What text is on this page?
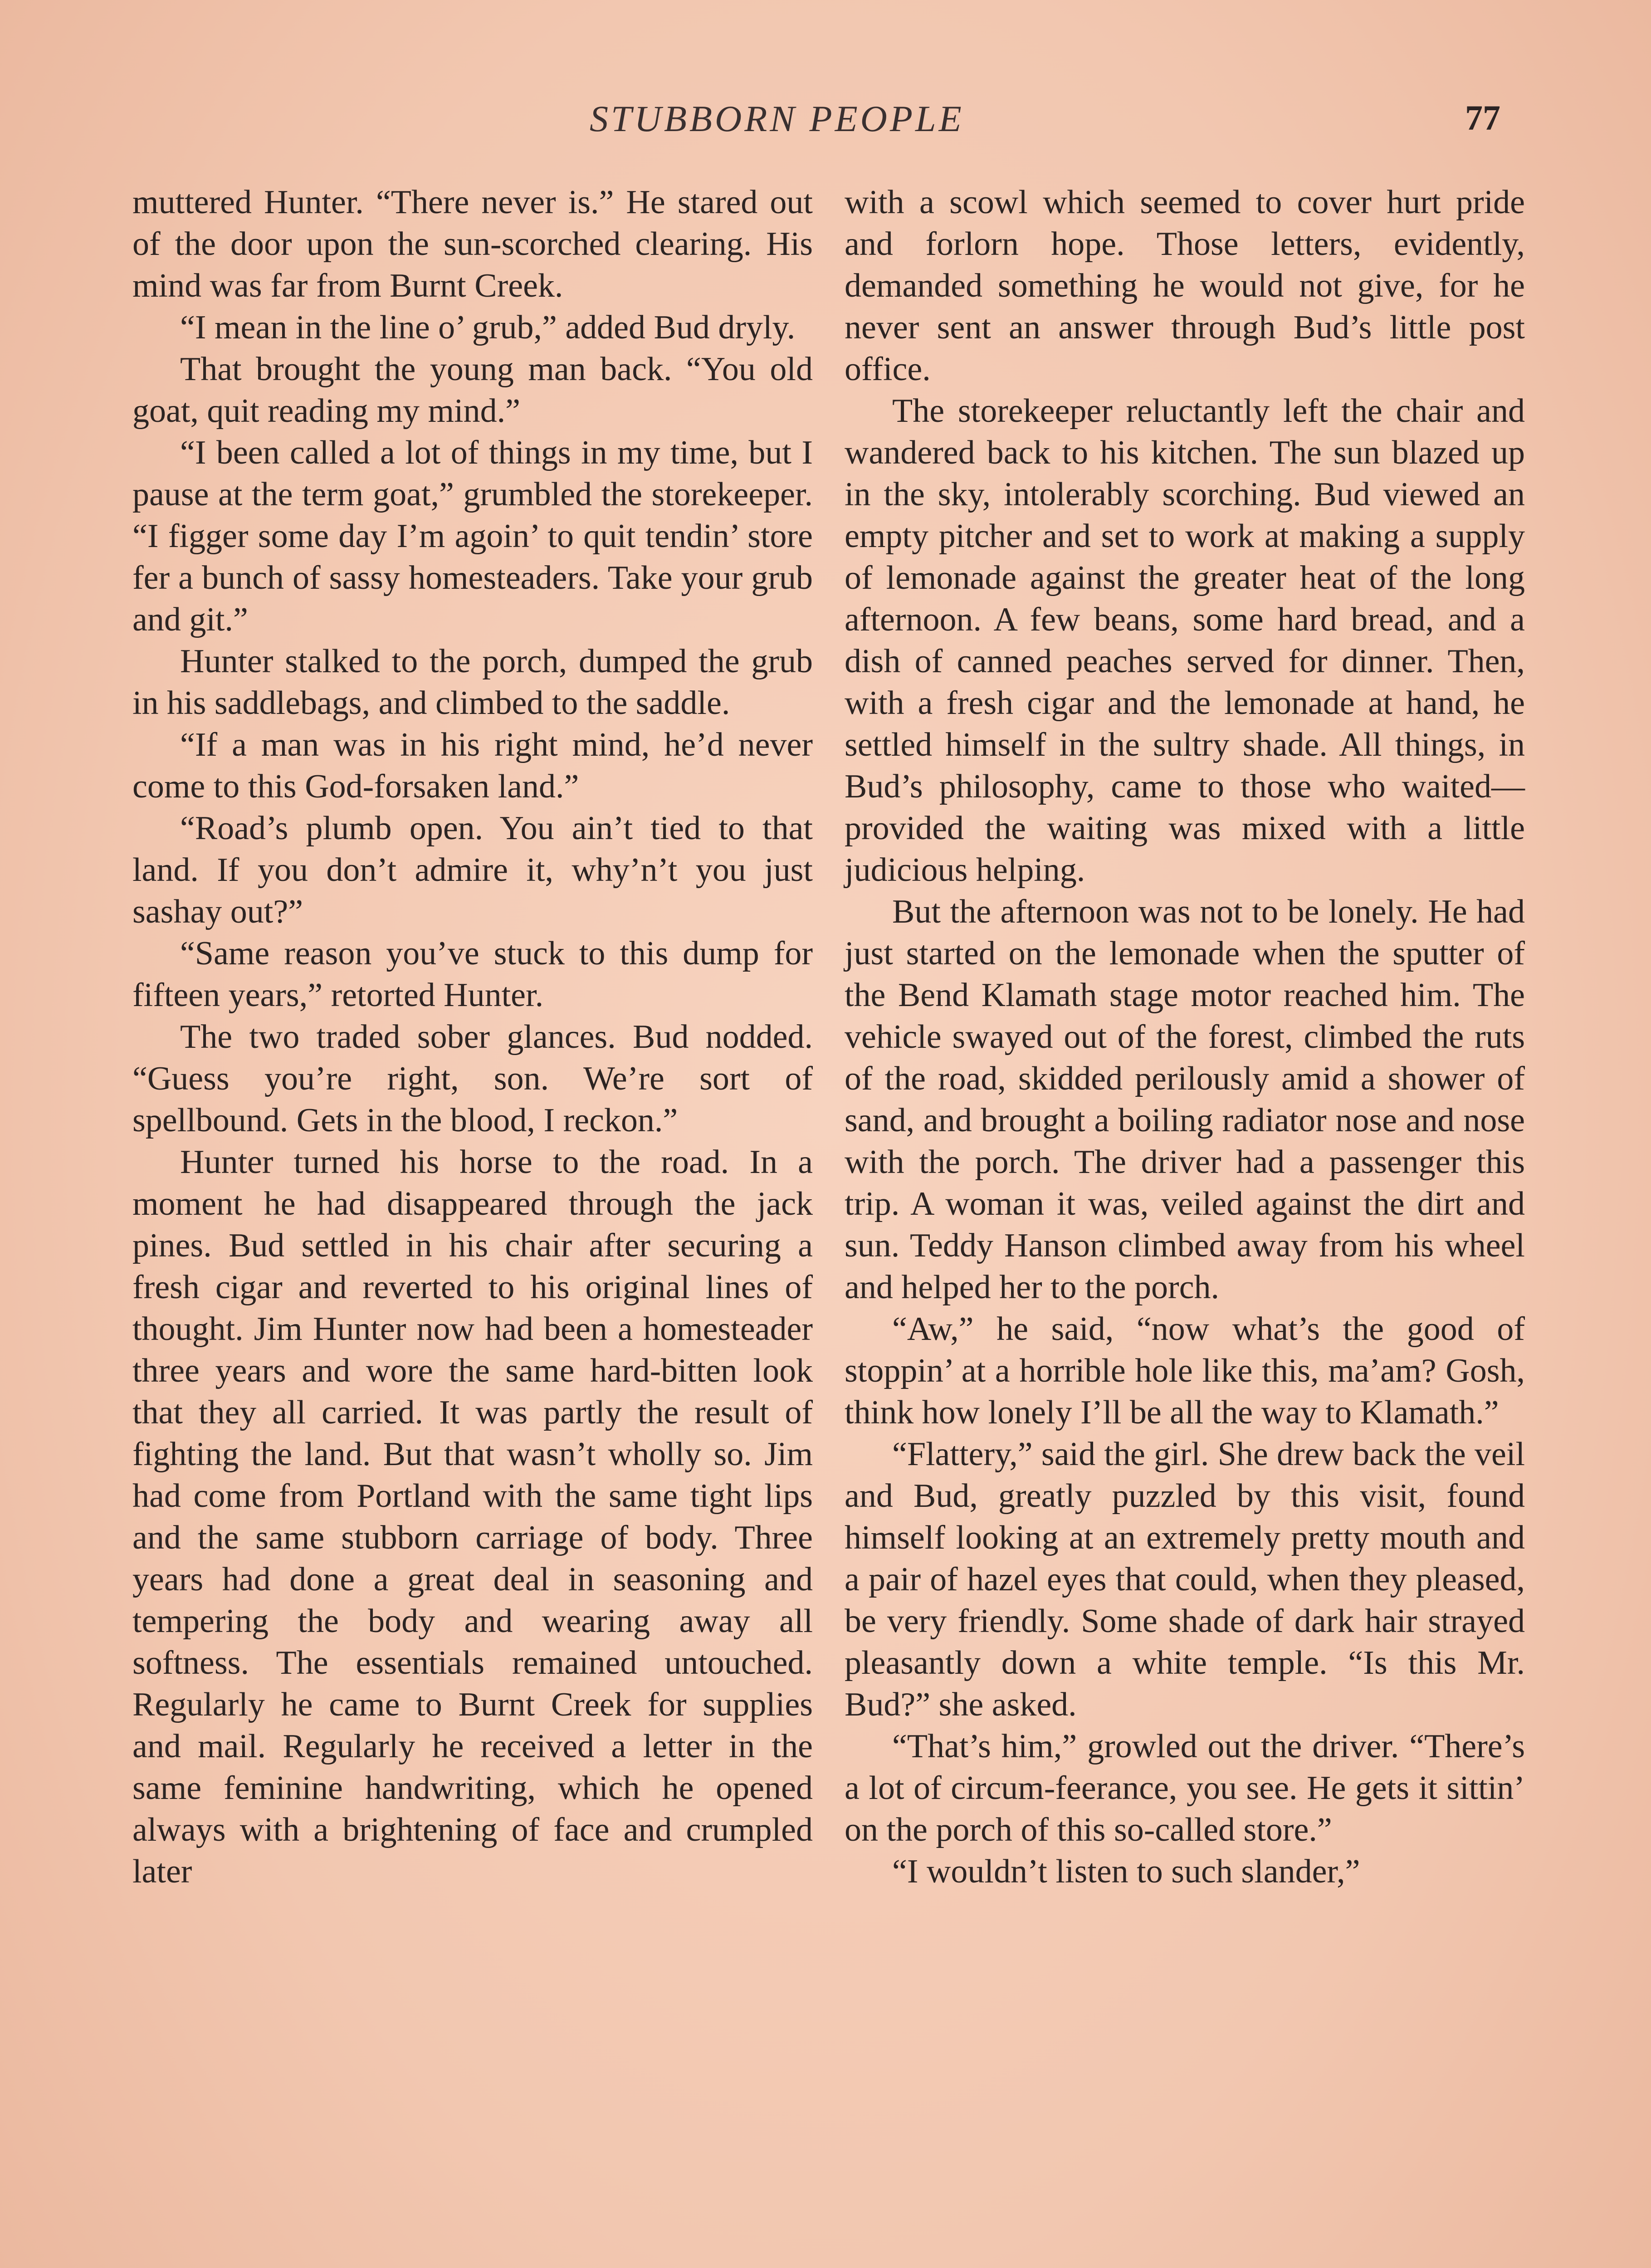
STUBBORN PEOPLE	77

muttered Hunter. “There never is.” He stared out of the door upon the sun-scorched clearing. His mind was far from Burnt Creek.

“I mean in the line o’ grub,” added Bud dryly.

That brought the young man back. “You old goat, quit reading my mind.”

“I been called a lot of things in my time, but I pause at the term goat,” grumbled the storekeeper. “I figger some day I’m agoin’ to quit tendin’ store fer a bunch of sassy homesteaders. Take your grub and git.”

Hunter stalked to the porch, dumped the grub in his saddlebags, and climbed to the saddle.

“If a man was in his right mind, he’d never come to this God-forsaken land.”

“Road’s plumb open. You ain’t tied to that land. If you don’t admire it, why’n’t you just sashay out?”

“Same reason you’ve stuck to this dump for fifteen years,” retorted Hunter.

The two traded sober glances. Bud nodded. “Guess you’re right, son. We’re sort of spellbound. Gets in the blood, I reckon.”

Hunter turned his horse to the road. In a moment he had disappeared through the jack pines. Bud settled in his chair after securing a fresh cigar and reverted to his original lines of thought. Jim Hunter now had been a homesteader three years and wore the same hard-bitten look that they all carried. It was partly the result of fighting the land. But that wasn’t wholly so. Jim had come from Portland with the same tight lips and the same stubborn carriage of body. Three years had done a great deal in seasoning and tempering the body and wearing away all softness. The essentials remained untouched. Regularly he came to Burnt Creek for supplies and mail. Regularly he received a letter in the same feminine handwriting, which he opened always with a brightening of face and crumpled later

with a scowl which seemed to cover hurt pride and forlorn hope. Those letters, evidently, demanded something he would not give, for he never sent an answer through Bud’s little post office.

The storekeeper reluctantly left the chair and wandered back to his kitchen. The sun blazed up in the sky, intolerably scorching. Bud viewed an empty pitcher and set to work at making a supply of lemonade against the greater heat of the long afternoon. A few beans, some hard bread, and a dish of canned peaches served for dinner. Then, with a fresh cigar and the lemonade at hand, he settled himself in the sultry shade. All things, in Bud’s philosophy, came to those who waited—provided the waiting was mixed with a little judicious helping.

But the afternoon was not to be lonely. He had just started on the lemonade when the sputter of the Bend Klamath stage motor reached him. The vehicle swayed out of the forest, climbed the ruts of the road, skidded perilously amid a shower of sand, and brought a boiling radiator nose and nose with the porch. The driver had a passenger this trip. A woman it was, veiled against the dirt and sun. Teddy Hanson climbed away from his wheel and helped her to the porch.

“Aw,” he said, “now what’s the good of stoppin’ at a horrible hole like this, ma’am? Gosh, think how lonely I’ll be all the way to Klamath.”

“Flattery,” said the girl. She drew back the veil and Bud, greatly puzzled by this visit, found himself looking at an extremely pretty mouth and a pair of hazel eyes that could, when they pleased, be very friendly. Some shade of dark hair strayed pleasantly down a white temple. “Is this Mr. Bud?” she asked.

“That’s him,” growled out the driver. “There’s a lot of circum-feerance, you see. He gets it sittin’ on the porch of this so-called store.”

“I wouldn’t listen to such slander,”
